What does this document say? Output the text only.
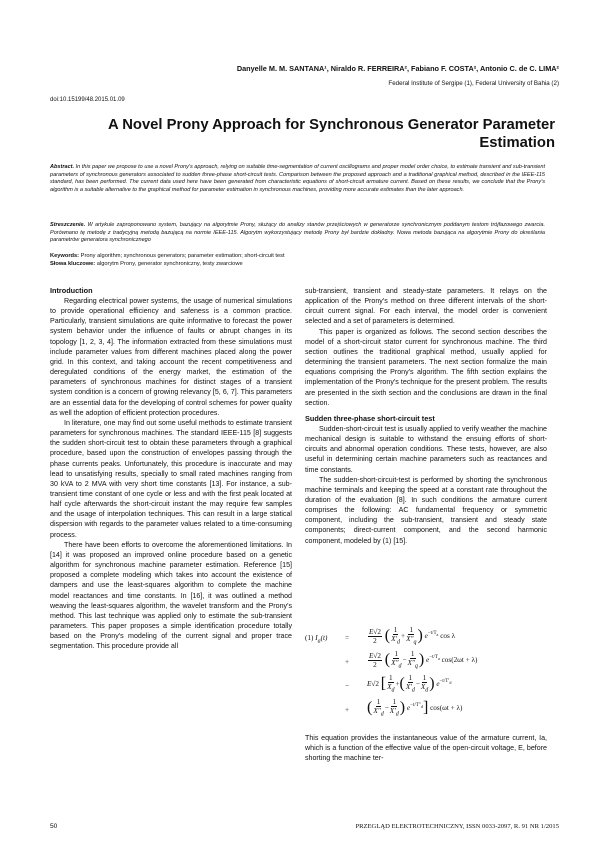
Danyelle M. M. SANTANA¹, Niraldo R. FERREIRA², Fabiano F. COSTA², Antonio C. de C. LIMA²
Federal Institute of Sergipe (1), Federal University of Bahia (2)
doi:10.15199/48.2015.01.09
A Novel Prony Approach for Synchronous Generator Parameter Estimation
Abstract. In this paper we propose to use a novel Prony's approach, relying on suitable time-segmentation of current oscillograms and proper model order choice, to estimate transient and sub-transient parameters of synchronous generators associated to sudden three-phase short-circuit tests. Comparison between the proposed approach and a traditional graphical method, described in the IEEE-115 standard, has been performed. The current data used here have been generated from characteristic equations of short-circuit armature current. Based on these results, we conclude that the Prony's algorithm is a suitable alternative to the graphical method for parameter estimation in synchronous machines, providing more accurate estimates than the later approach.
Streszczenie. W artykule zaproponowano system, bazujący na algorytmie Prony, służący do analizy stanów przejściowych w generatorze synchronicznym poddanym testom trójfazowego zwarcia. Porównano tę metodę z tradycyjną metodą bazującą na normie IEEE-115. Algorytm wykorzystujący metodę Prony był bardzie dokładny. Nowa metoda bazująca na algorytmie Prony do określania parametrów generatora synchronicznego
Keywords: Prony algorithm; synchronous generators; parameter estimation; short-circuit test
Słowa kluczowe: algorytm Prony, generator synchroniczny, testy zwarciowe
Introduction

Regarding electrical power systems, the usage of numerical simulations to provide operational efficiency and safeness is a common practice. Particularly, transient simulations are quite informative to forecast the power system behavior under the influence of faults or abrupt changes in its topology [1, 2, 3, 4]. The information extracted from these simulations must include parameter values from different machines placed along the power grid. In this context, and taking account the recent competitiveness and deregulated conditions of the energy market, the estimation of the parameters of synchronous machines for distinct stages of a transient system condition is a concern of growing relevancy [5, 6, 7]. This parameters are an essential data for the developing of control schemes for power quality as well the adoption of efficient protection procedures.

In literature, one may find out some useful methods to estimate transient parameters for synchronous machines. The standard IEEE-115 [8] suggests the sudden short-circuit test to obtain these parameters through a graphical procedure, based upon the construction of envelopes passing through the phase currents peaks. Unfortunately, this procedure is inaccurate and may lead to unsatisfying results, specially to small rated machines ranging from 30 kVA to 2 MVA with very short time constants [13]. For instance, a sub-transient time constant of one cycle or less and with the first peak located at half cycle afterwards the short-circuit instant the may require few samples and the usage of interpolation techniques. This can result in a large statical dispersion with regards to the parameter values related to a time-consuming process.

There have been efforts to overcome the aforementioned limitations. In [14] it was proposed an improved online procedure based on a genetic algorithm for synchronous machine parameter estimation. Reference [15] proposed a complete modeling which takes into account the existence of dampers and use the least-squares algorithm to complete the machine model reactances and time constants. In [16], it was outlined a method weaving the least-squares algorithm, the wavelet transform and the Prony's method. This last technique was applied only to estimate the sub-transient parameters. This paper proposes a simple identification procedure totally based on the Prony's modeling of the current signal and proper trace segmentation. This procedure provide all

sub-transient, transient and steady-state parameters. It relays on the application of the Prony's method on three different intervals of the short-circuit current signal. For each interval, the model order is convenient selected and a set of parameters is determined.

This paper is organized as follows. The second section describes the model of a short-circuit stator current for synchronous machine. The third section outlines the traditional graphical method, usually applied for determining the transient parameters. The next section formalize the main equations comprising the Prony's algorithm. The fifth section explains the implementation of the Prony's technique for the present problem. The results are presented in the sixth section and the conclusions are drawn in the final section.

Sudden three-phase short-circuit test

Sudden-short-circuit test is usually applied to verify weather the machine mechanical design is suitable to withstand the ensuing efforts of short-circuits and abnormal operation conditions. These tests, however, are also useful in determining certain machine parameters such as reactances and time constants.

The sudden-short-circuit-test is performed by shorting the synchronous machine terminals and keeping the speed at a constant rate throughout the duration of the evaluation [8]. In such conditions the armature current comprises the following: AC fundamental frequency or symmetric component, including the sub-transient, transient and steady state components; direct-current component, and the second harmonic component, modeled by (1) [15].

(1) $I_a(t)$ =	$\frac{E√2}{2}$ ( $\frac{1}{X'_d} + \frac{1}{X''_q}$ ) $e^{-t/T_a}$ cos λ
+	$\frac{E√2}{2}$ ( $\frac{1}{X''_d} - \frac{1}{X''_q}$ ) $e^{-t/T_a}$ cos(2ωt + λ)
− E√2 [ $\frac{1}{X_d}$ +( $\frac{1}{X'_d} - \frac{1}{X_d}$ ) $e^{-t/T'_d}$
+ ( $\frac{1}{X''_d} - \frac{1}{X'_d}$ ) $e^{-t/T''_d}$] cos(ωt + λ)

This equation provides the instantaneous value of the armature current, Ia, which is a function of the effective value of the open-circuit voltage, E, before shorting the machine ter-

50	PRZEGLĄD ELEKTROTECHNICZNY, ISSN 0033-2097, R. 91 NR 1/2015
